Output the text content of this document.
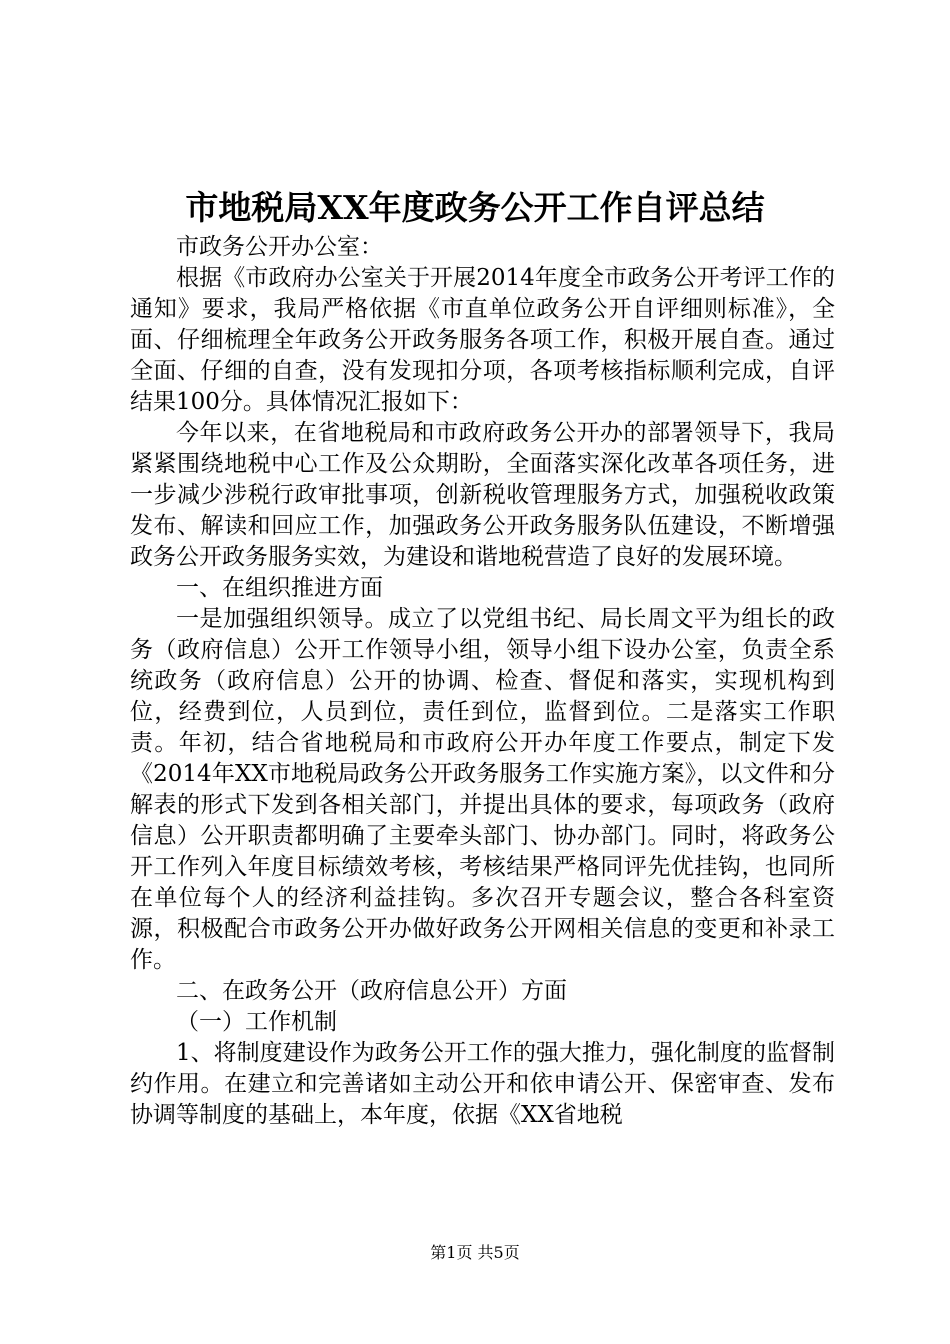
市地税局XX年度政务公开工作自评总结

市政务公开办公室：

根据《市政府办公室关于开展2014年度全市政务公开考评工作的通知》要求，我局严格依据《市直单位政务公开自评细则标准》，全面、仔细梳理全年政务公开政务服务各项工作，积极开展自查。通过全面、仔细的自查，没有发现扣分项，各项考核指标顺利完成，自评结果100分。具体情况汇报如下：

今年以来，在省地税局和市政府政务公开办的部署领导下，我局紧紧围绕地税中心工作及公众期盼，全面落实深化改革各项任务，进一步减少涉税行政审批事项，创新税收管理服务方式，加强税收政策发布、解读和回应工作，加强政务公开政务服务队伍建设，不断增强政务公开政务服务实效，为建设和谐地税营造了良好的发展环境。

一、在组织推进方面

一是加强组织领导。成立了以党组书纪、局长周文平为组长的政务（政府信息）公开工作领导小组，领导小组下设办公室，负责全系统政务（政府信息）公开的协调、检查、督促和落实，实现机构到位，经费到位，人员到位，责任到位，监督到位。二是落实工作职责。年初，结合省地税局和市政府公开办年度工作要点，制定下发《2014年XX市地税局政务公开政务服务工作实施方案》，以文件和分解表的形式下发到各相关部门，并提出具体的要求，每项政务（政府信息）公开职责都明确了主要牵头部门、协办部门。同时，将政务公开工作列入年度目标绩效考核，考核结果严格同评先优挂钩，也同所在单位每个人的经济利益挂钩。多次召开专题会议，整合各科室资源，积极配合市政务公开办做好政务公开网相关信息的变更和补录工作。

二、在政务公开（政府信息公开）方面

（一）工作机制

1、将制度建设作为政务公开工作的强大推力，强化制度的监督制约作用。在建立和完善诸如主动公开和依申请公开、保密审查、发布协调等制度的基础上，本年度，依据《XX省地税

第1页 共5页
